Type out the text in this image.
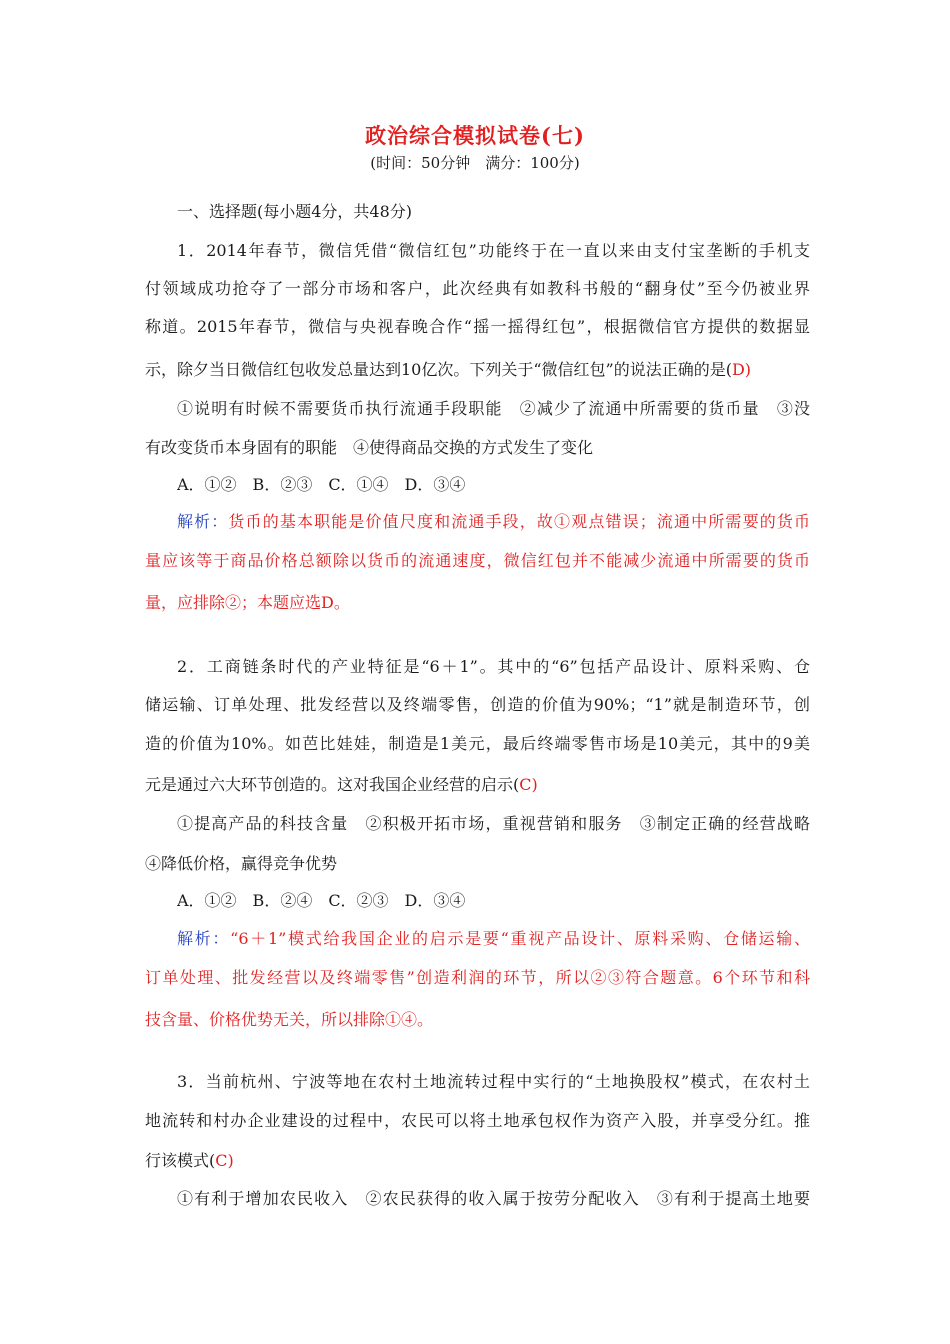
政治综合模拟试卷(七)
(时间：50分钟　满分：100分)
一、选择题(每小题4分，共48分)
1．2014年春节，微信凭借“微信红包”功能终于在一直以来由支付宝垄断的手机支
付领域成功抢夺了一部分市场和客户，此次经典有如教科书般的“翻身仗”至今仍被业界
称道。2015年春节，微信与央视春晚合作“摇一摇得红包”，根据微信官方提供的数据显
示，除夕当日微信红包收发总量达到10亿次。下列关于“微信红包”的说法正确的是(D)
①说明有时候不需要货币执行流通手段职能　②减少了流通中所需要的货币量　③没
有改变货币本身固有的职能　④使得商品交换的方式发生了变化
A．①②　B．②③　C．①④　D．③④
解析：货币的基本职能是价值尺度和流通手段，故①观点错误；流通中所需要的货币
量应该等于商品价格总额除以货币的流通速度，微信红包并不能减少流通中所需要的货币
量，应排除②；本题应选D。
2．工商链条时代的产业特征是“6＋1”。其中的“6”包括产品设计、原料采购、仓
储运输、订单处理、批发经营以及终端零售，创造的价值为90%；“1”就是制造环节，创
造的价值为10%。如芭比娃娃，制造是1美元，最后终端零售市场是10美元，其中的9美
元是通过六大环节创造的。这对我国企业经营的启示(C)
①提高产品的科技含量　②积极开拓市场，重视营销和服务　③制定正确的经营战略
④降低价格，赢得竞争优势
A．①②　B．②④　C．②③　D．③④
解析：“6＋1”模式给我国企业的启示是要“重视产品设计、原料采购、仓储运输、
订单处理、批发经营以及终端零售”创造利润的环节，所以②③符合题意。6个环节和科
技含量、价格优势无关，所以排除①④。
3．当前杭州、宁波等地在农村土地流转过程中实行的“土地换股权”模式，在农村土
地流转和村办企业建设的过程中，农民可以将土地承包权作为资产入股，并享受分红。推
行该模式(C)
①有利于增加农民收入　②农民获得的收入属于按劳分配收入　③有利于提高土地要
